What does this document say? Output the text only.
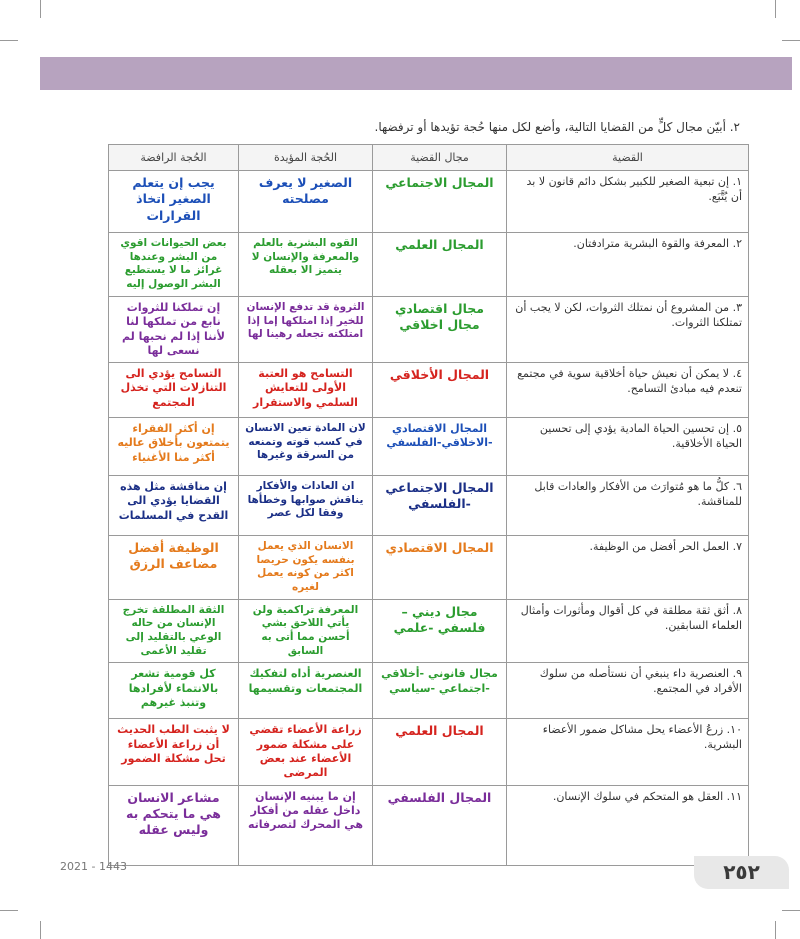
٢. أبيّن مجال كلٍّ من القضايا التالية، وأضع لكل منها حُجة تؤيدها أو ترفضها.
القضية	مجال القضية	الحُجة المؤيدة	الحُجة الرافضة
١. إن تبعية الصغير للكبير بشكل دائم قانون لا بد أن يُتَّبَع.	المجال الاجتماعي	الصغير لا يعرف مصلحته	يجب إن يتعلم الصغير اتخاذ القرارات

٢. المعرفة والقوة البشرية مترادفتان.	المجال العلمي	القوه البشرية بالعلم والمعرفة والإنسان لا يتميز الا بعقله	بعض الحيوانات اقوي من البشر وعندها غرائز ما لا يستطيع البشر الوصول إليه

٣. من المشروع أن نمتلك الثروات، لكن لا يجب أن تمتلكنا الثروات.	مجال اقتصادي مجال اخلاقي	الثروة قد تدفع الإنسان للخير إذا امتلكها إما إذا امتلكته تجعله رهينا لها	إن تملكنا للثروات نابع من تملكها لنا لأننا إذا لم نحبها لم نسعى لها

٤. لا يمكن أن نعيش حياة أخلاقية سوية في مجتمع تنعدم فيه مبادئ التسامح.	المجال الأخلاقي	التسامح هو العتبة الأولى للتعايش السلمي والاستقرار	التسامح يؤدي الى التنازلات التي تخذل المجتمع

٥. إن تحسين الحياة المادية يؤدي إلى تحسين الحياة الأخلاقية.	المجال الاقتصادي -الاخلاقي-الفلسفي	لان المادة تعين الانسان في كسب قوته وتمنعه من السرقة وغيرها	إن أكثر الفقراء يتمتعون بأخلاق عاليه أكثر منا الأغنياء

٦. كلُّ ما هو مُتوارَث من الأفكار والعادات قابل للمناقشة.	المجال الاجتماعي -الفلسفي	ان العادات والأفكار يناقش صوابها وخطأها وفقا لكل عصر	إن مناقشة مثل هذه القضايا يؤدي الى القدح في المسلمات

٧. العمل الحر أفضل من الوظيفة.	المجال الاقتصادي	الانسان الذي يعمل بنفسه يكون حريصا اكثر من كونه يعمل لغيره	الوظيفة أفضل مضاعف الرزق

٨. أثق ثقة مطلقة في كل أقوال ومأثورات وأمثال العلماء السابقين.	مجال ديني – فلسفي -علمي	المعرفة تراكمية ولن يأتي اللاحق بشي أحسن مما أتى به السابق	الثقة المطلقة تخرج الإنسان من حاله الوعي بالتقليد إلى تقليد الأعمى

٩. العنصرية داء ينبغي أن نستأصله من سلوك الأفراد في المجتمع.	مجال قانوني -أخلاقي -اجتماعي -سياسي	العنصرية أداه لتفكيك المجتمعات وتقسيمها	كل قومية تشعر بالانتماء لأفرادها وتنبذ غيرهم

١٠. زرعُ الأعضاء يحل مشاكل ضمور الأعضاء البشرية.	المجال العلمي	زراعة الأعضاء تقضي على مشكلة ضمور الأعضاء عند بعض المرضى	لا يثبت الطب الحديث أن زراعة الأعضاء تحل مشكلة الضمور

١١. العقل هو المتحكم في سلوك الإنسان.	المجال الفلسفي	إن ما يبنيه الإنسان داخل عقله من أفكار هي المحرك لتصرفاته	مشاعر الانسان هي ما يتحكم به وليس عقله
٢٥٢
2021 - 1443
